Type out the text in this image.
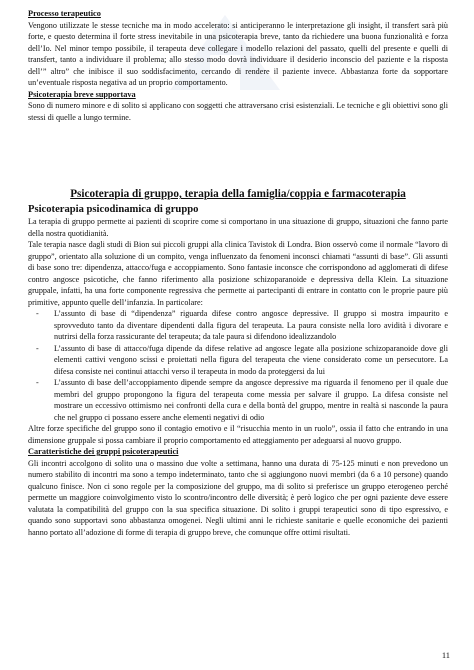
Processo terapeutico

Vengono utilizzate le stesse tecniche ma in modo accelerato: si anticiperanno le interpretazione gli insight, il transfert sarà più forte, e questo determina il forte stress inevitabile in una psicoterapia breve, tanto da richiedere una buona funzionalità e forza dell’Io. Nel minor tempo possibile, il terapeuta deve collegare i modello relazioni del passato, quelli del presente e quelli di transfert, tanto a individuare il problema; allo stesso modo dovrà individuare il desiderio inconscio del paziente e la risposta dell’” altro” che inibisce il suo soddisfacimento, cercando di rendere il paziente invece. Abbastanza forte da sopportare un’eventuale risposta negativa ad un proprio comportamento.

Psicoterapia breve supportava

Sono di numero minore e di solito si applicano con soggetti che attraversano crisi esistenziali. Le tecniche e gli obiettivi sono gli stessi di quelle a lungo termine.

Psicoterapia di gruppo, terapia della famiglia/coppia e farmacoterapia
Psicoterapia psicodinamica di gruppo

La terapia di gruppo permette ai pazienti di scoprire come si comportano in una situazione di gruppo, situazioni che fanno parte della nostra quotidianità.

Tale terapia nasce dagli studi di Bion sui piccoli gruppi alla clinica Tavistok di Londra. Bion osservò come il normale “lavoro di gruppo”, orientato alla soluzione di un compito, venga influenzato da fenomeni inconsci chiamati “assunti di base”. Gli assunti di base sono tre: dipendenza, attacco/fuga e accoppiamento. Sono fantasie inconsce che corrispondono ad agglomerati di difese contro angosce psicotiche, che fanno riferimento alla posizione schizoparanoide e depressiva della Klein. La situazione gruppale, infatti, ha una forte componente regressiva che permette ai partecipanti di entrare in contatto con le proprie paure più primitive, appunto quelle dell’infanzia. In particolare:

- L’assunto di base di “dipendenza” riguarda difese contro angosce depressive. Il gruppo si mostra impaurito e sprovveduto tanto da diventare dipendenti dalla figura del terapeuta. La paura consiste nella loro avidità i divorare e nutrirsi della forza rassicurante del terapeuta; da tale paura si difendono idealizzandolo
- L’assunto di base di attacco/fuga dipende da difese relative ad angosce legate alla posizione schizoparanoide dove gli elementi cattivi vengono scissi e proiettati nella figura del terapeuta che viene considerato come un persecutore. La difesa consiste nei continui attacchi verso il terapeuta in modo da proteggersi da lui
- L’assunto di base dell’accoppiamento dipende sempre da angosce depressive ma riguarda il fenomeno per il quale due membri del gruppo propongono la figura del terapeuta come messia per salvare il gruppo. La difesa consiste nel mostrare un eccessivo ottimismo nei confronti della cura e della bontà del gruppo, mentre in realtà si nasconde la paura che nel gruppo ci possano essere anche elementi negativi di odio

Altre forze specifiche del gruppo sono il contagio emotivo e il “risucchia mento in un ruolo”, ossia il fatto che entrando in una dimensione gruppale si possa cambiare il proprio comportamento ed atteggiamento per adeguarsi al nuovo gruppo.

Caratteristiche dei gruppi psicoterapeutici

Gli incontri accolgono di solito una o massino due volte a settimana, hanno una durata di 75-125 minuti e non prevedono un numero stabilito di incontri ma sono a tempo indeterminato, tanto che si aggiungono nuovi membri (da 6 a 10 persone) quando qualcuno finisce. Non ci sono regole per la composizione del gruppo, ma di solito si preferisce un gruppo eterogeneo perché permette un maggiore coinvolgimento visto lo scontro/incontro delle diversità; è però logico che per ogni paziente deve essere valutata la compatibilità del gruppo con la sua specifica situazione. Di solito i gruppi terapeutici sono di tipo espressivo, e quando sono supportavi sono abbastanza omogenei. Negli ultimi anni le richieste sanitarie e quelle economiche dei pazienti hanno portato all’adozione di forme di terapia di gruppo breve, che comunque offre ottimi risultati.

11
